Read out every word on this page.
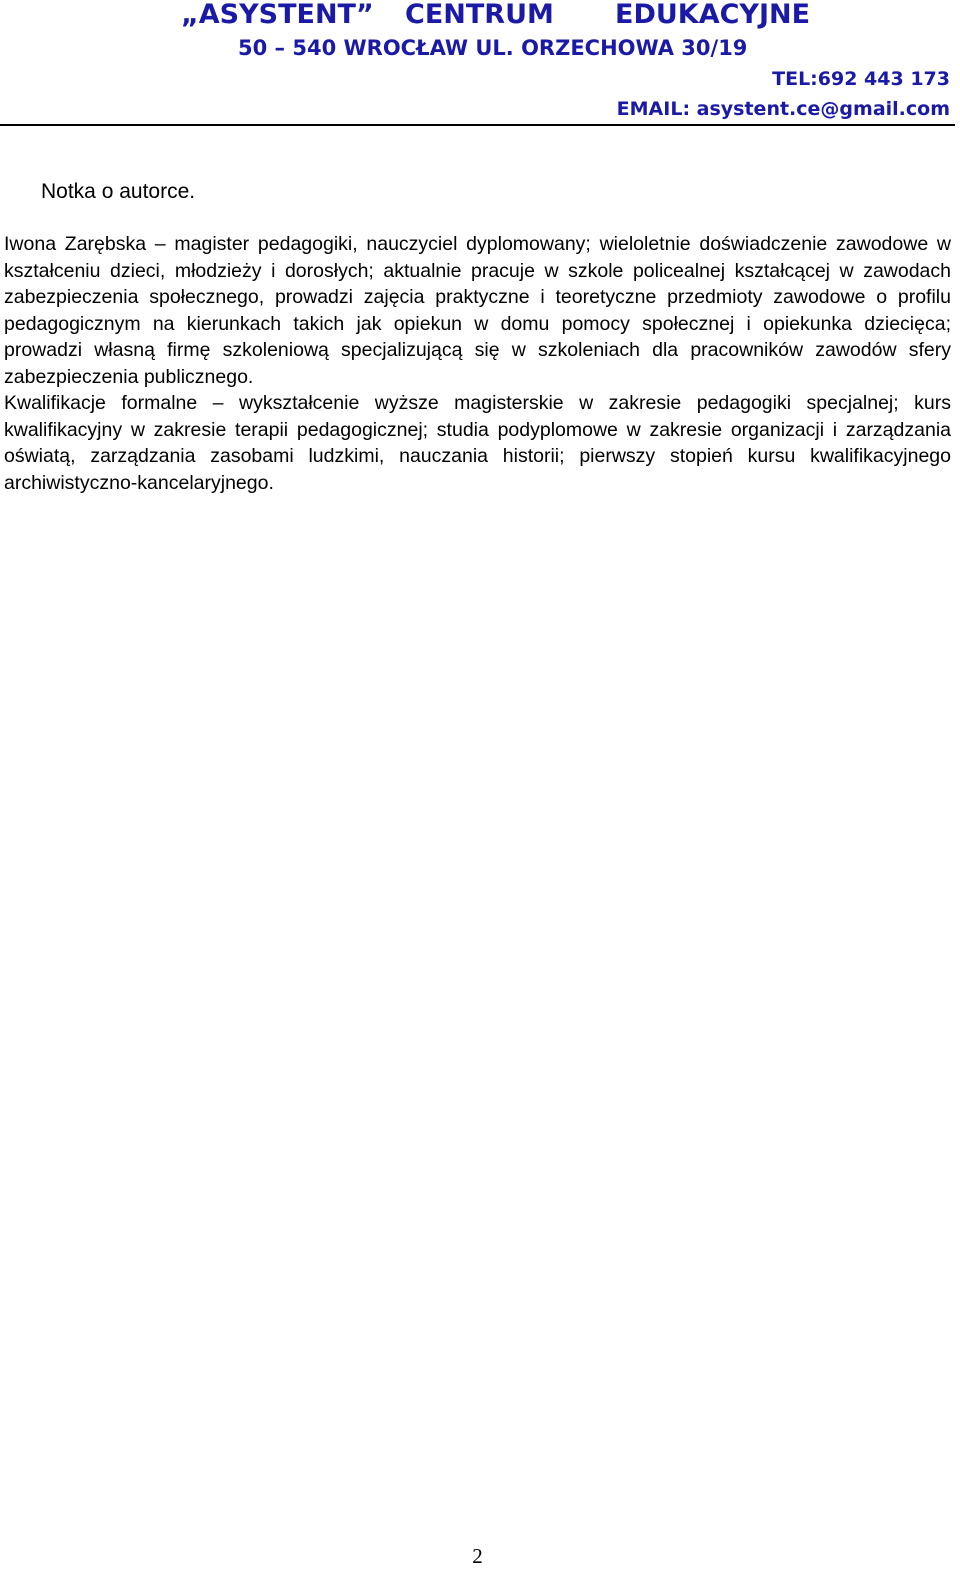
„ASYSTENT” CENTRUM EDUKACYJNE
50 – 540 WROCŁAW UL. ORZECHOWA 30/19
TEL:692 443 173
EMAIL: asystent.ce@gmail.com
Notka o autorce.

Iwona Zarębska – magister pedagogiki, nauczyciel dyplomowany; wieloletnie doświadczenie zawodowe w kształceniu dzieci, młodzieży i dorosłych; aktualnie pracuje w szkole policealnej kształcącej w zawodach zabezpieczenia społecznego, prowadzi zajęcia praktyczne i teoretyczne przedmioty zawodowe o profilu pedagogicznym na kierunkach takich jak opiekun w domu pomocy społecznej i opiekunka dziecięca; prowadzi własną firmę szkoleniową specjalizującą się w szkoleniach dla pracowników zawodów sfery zabezpieczenia publicznego.

Kwalifikacje formalne – wykształcenie wyższe magisterskie w zakresie pedagogiki specjalnej; kurs kwalifikacyjny w zakresie terapii pedagogicznej; studia podyplomowe w zakresie organizacji i zarządzania oświatą, zarządzania zasobami ludzkimi, nauczania historii; pierwszy stopień kursu kwalifikacyjnego archiwistyczno-kancelaryjnego.

2
